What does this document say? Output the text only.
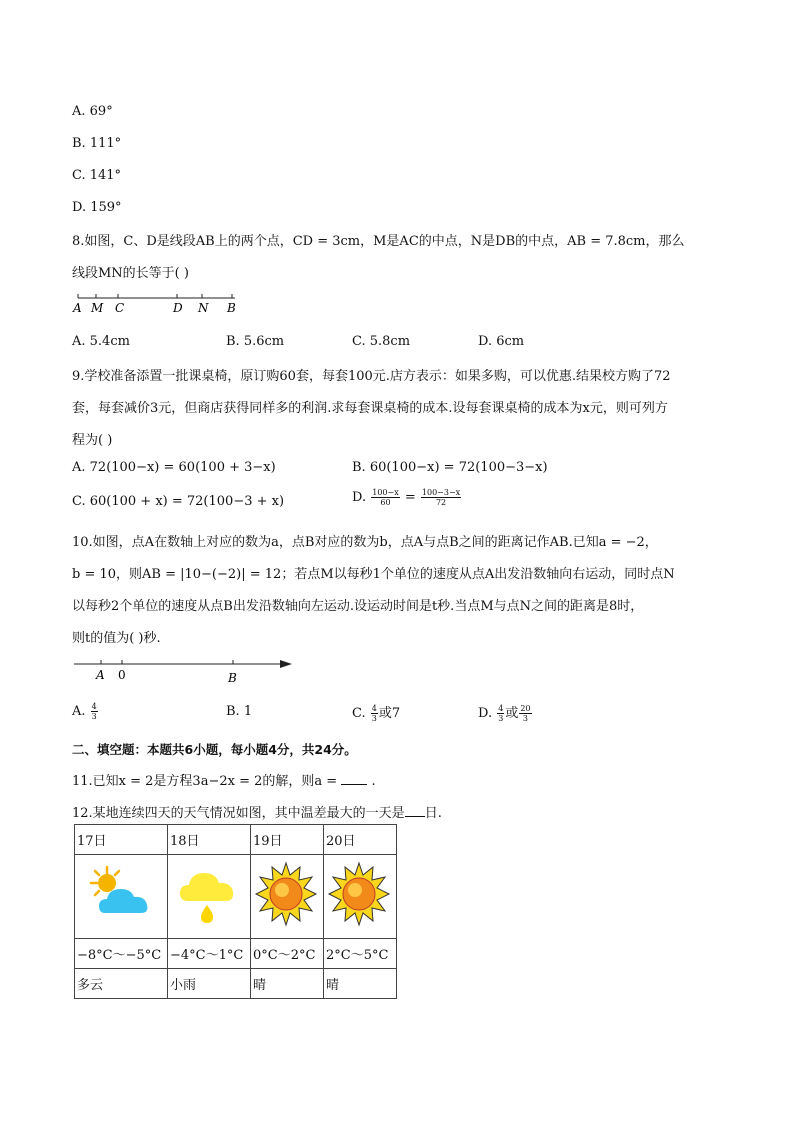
A. 69°
B. 111°
C. 141°
D. 159°
8.如图，C、D是线段AB上的两个点，CD = 3cm，M是AC的中点，N是DB的中点，AB = 7.8cm，那么
线段MN的长等于( )
A M C	D N B
A. 5.4cm	B. 5.6cm	C. 5.8cm	D. 6cm
9.学校准备添置一批课桌椅，原订购60套，每套100元.店方表示：如果多购，可以优惠.结果校方购了72
套，每套减价3元，但商店获得同样多的利润.求每套课桌椅的成本.设每套课桌椅的成本为x元，则可列方
程为( )
A. 72(100−x) = 60(100 + 3−x)	B. 60(100−x) = 72(100−3−x)
C. 60(100 + x) = 72(100−3 + x)	D. $\frac{100-x}{60} = \frac{100-3-x}{72}$
10.如图，点A在数轴上对应的数为a，点B对应的数为b，点A与点B之间的距离记作AB.已知a = −2，
b = 10，则AB = |10−(−2)| = 12；若点M以每秒1个单位的速度从点A出发沿数轴向右运动，同时点N
以每秒2个单位的速度从点B出发沿数轴向左运动.设运动时间是t秒.当点M与点N之间的距离是8时，
则t的值为( )秒.
A 0	B
A. $\frac{4}{3}$	B. 1	C. $\frac{4}{3}$ 或7	D. $\frac{4}{3}$ 或 $\frac{20}{3}$
二、填空题：本题共6小题，每小题4分，共24分。
11.已知x = 2是方程3a−2x = 2的解，则a =	.
12.某地连续四天的天气情况如图，其中温差最大的一天是 日.
17日	18日	19日	20日

−8°C～−5°C	−4°C～1°C	0°C～2°C	2°C～5°C
多云	小雨	晴	晴
